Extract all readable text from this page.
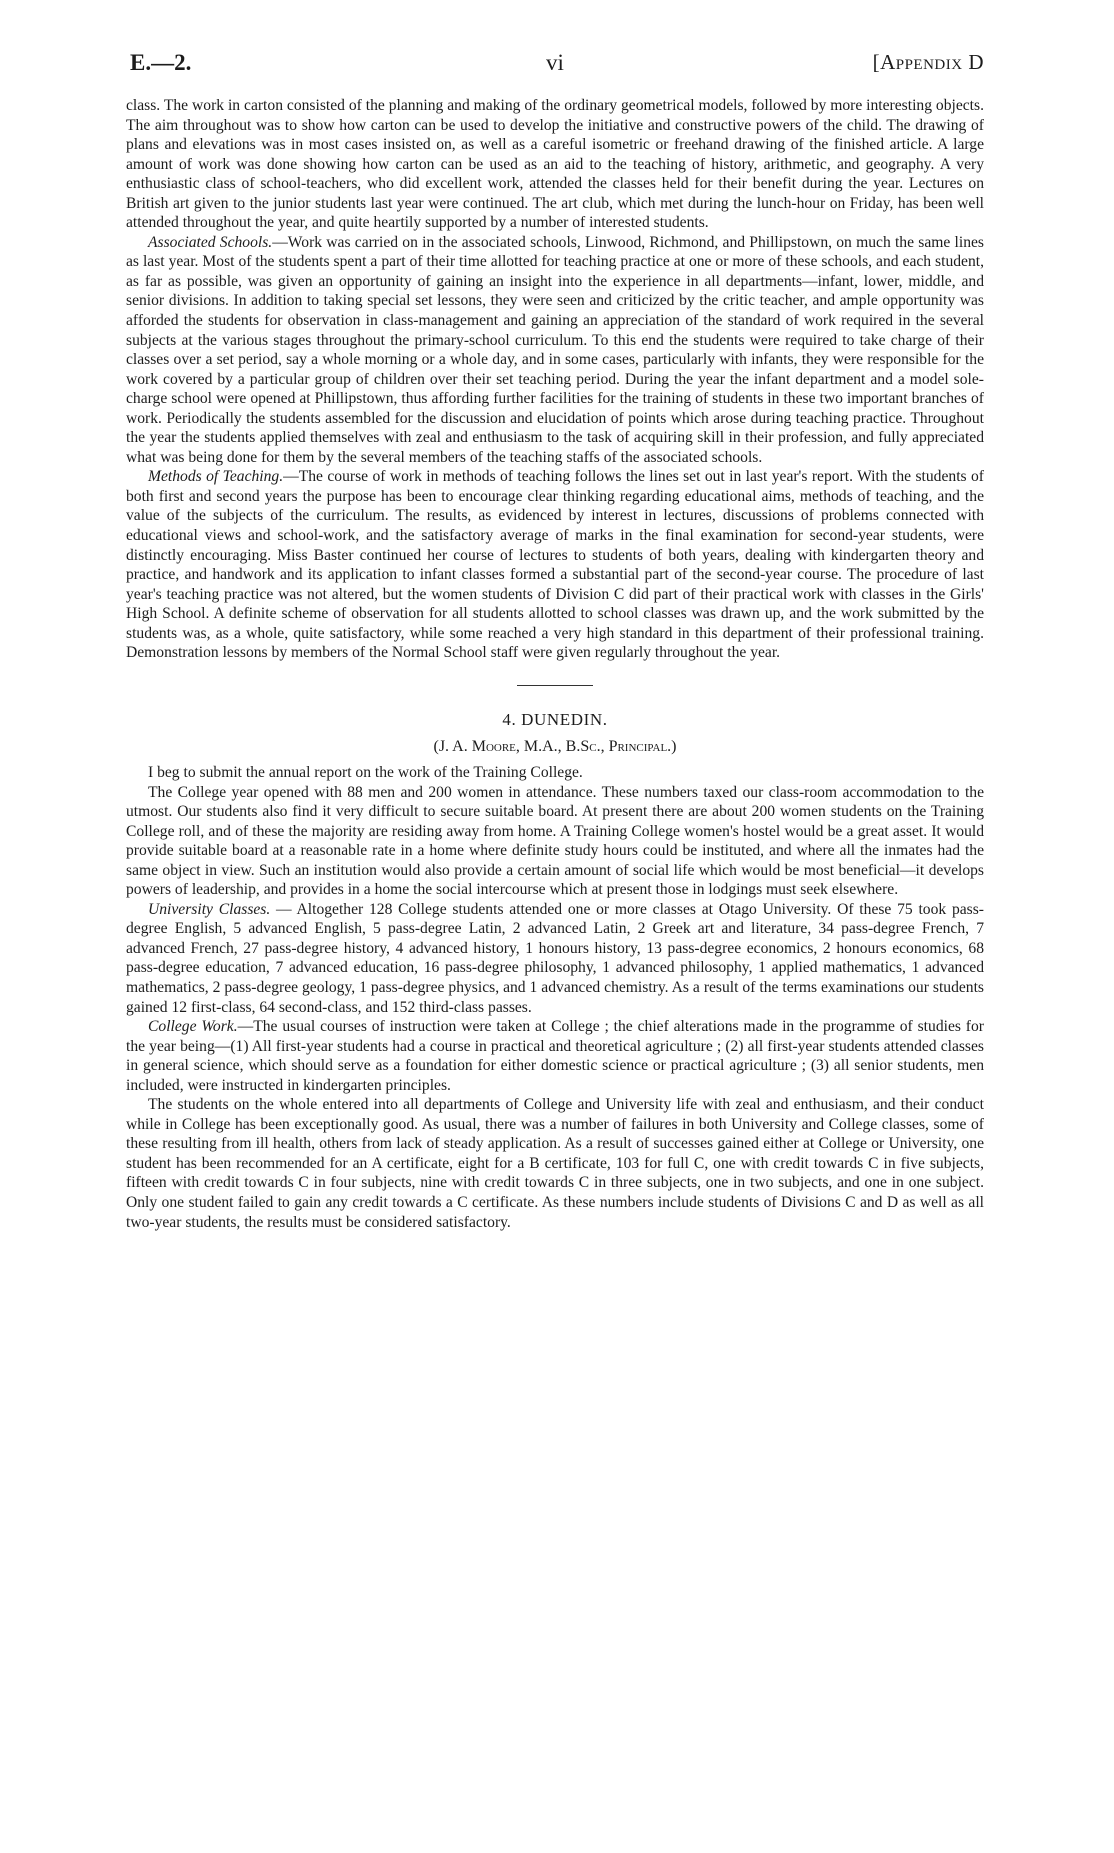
E.—2.	vi	[Appendix D

class. The work in carton consisted of the planning and making of the ordinary geometrical models, followed by more interesting objects. The aim throughout was to show how carton can be used to develop the initiative and constructive powers of the child. The drawing of plans and elevations was in most cases insisted on, as well as a careful isometric or freehand drawing of the finished article. A large amount of work was done showing how carton can be used as an aid to the teaching of history, arithmetic, and geography. A very enthusiastic class of school-teachers, who did excellent work, attended the classes held for their benefit during the year. Lectures on British art given to the junior students last year were continued. The art club, which met during the lunch-hour on Friday, has been well attended throughout the year, and quite heartily supported by a number of interested students.

Associated Schools.—Work was carried on in the associated schools, Linwood, Richmond, and Phillipstown, on much the same lines as last year. Most of the students spent a part of their time allotted for teaching practice at one or more of these schools, and each student, as far as possible, was given an opportunity of gaining an insight into the experience in all departments—infant, lower, middle, and senior divisions. In addition to taking special set lessons, they were seen and criticized by the critic teacher, and ample opportunity was afforded the students for observation in class-management and gaining an appreciation of the standard of work required in the several subjects at the various stages throughout the primary-school curriculum. To this end the students were required to take charge of their classes over a set period, say a whole morning or a whole day, and in some cases, particularly with infants, they were responsible for the work covered by a particular group of children over their set teaching period. During the year the infant department and a model sole-charge school were opened at Phillipstown, thus affording further facilities for the training of students in these two important branches of work. Periodically the students assembled for the discussion and elucidation of points which arose during teaching practice. Throughout the year the students applied themselves with zeal and enthusiasm to the task of acquiring skill in their profession, and fully appreciated what was being done for them by the several members of the teaching staffs of the associated schools.

Methods of Teaching.—The course of work in methods of teaching follows the lines set out in last year's report. With the students of both first and second years the purpose has been to encourage clear thinking regarding educational aims, methods of teaching, and the value of the subjects of the curriculum. The results, as evidenced by interest in lectures, discussions of problems connected with educational views and school-work, and the satisfactory average of marks in the final examination for second-year students, were distinctly encouraging. Miss Baster continued her course of lectures to students of both years, dealing with kindergarten theory and practice, and handwork and its application to infant classes formed a substantial part of the second-year course. The procedure of last year's teaching practice was not altered, but the women students of Division C did part of their practical work with classes in the Girls' High School. A definite scheme of observation for all students allotted to school classes was drawn up, and the work submitted by the students was, as a whole, quite satisfactory, while some reached a very high standard in this department of their professional training. Demonstration lessons by members of the Normal School staff were given regularly throughout the year.

4. DUNEDIN.
(J. A. Moore, M.A., B.Sc., Principal.)

I beg to submit the annual report on the work of the Training College.

The College year opened with 88 men and 200 women in attendance. These numbers taxed our class-room accommodation to the utmost. Our students also find it very difficult to secure suitable board. At present there are about 200 women students on the Training College roll, and of these the majority are residing away from home. A Training College women's hostel would be a great asset. It would provide suitable board at a reasonable rate in a home where definite study hours could be instituted, and where all the inmates had the same object in view. Such an institution would also provide a certain amount of social life which would be most beneficial—it develops powers of leadership, and provides in a home the social intercourse which at present those in lodgings must seek elsewhere.

University Classes. — Altogether 128 College students attended one or more classes at Otago University. Of these 75 took pass-degree English, 5 advanced English, 5 pass-degree Latin, 2 advanced Latin, 2 Greek art and literature, 34 pass-degree French, 7 advanced French, 27 pass-degree history, 4 advanced history, 1 honours history, 13 pass-degree economics, 2 honours economics, 68 pass-degree education, 7 advanced education, 16 pass-degree philosophy, 1 advanced philosophy, 1 applied mathematics, 1 advanced mathematics, 2 pass-degree geology, 1 pass-degree physics, and 1 advanced chemistry. As a result of the terms examinations our students gained 12 first-class, 64 second-class, and 152 third-class passes.

College Work.—The usual courses of instruction were taken at College ; the chief alterations made in the programme of studies for the year being—(1) All first-year students had a course in practical and theoretical agriculture ; (2) all first-year students attended classes in general science, which should serve as a foundation for either domestic science or practical agriculture ; (3) all senior students, men included, were instructed in kindergarten principles.

The students on the whole entered into all departments of College and University life with zeal and enthusiasm, and their conduct while in College has been exceptionally good. As usual, there was a number of failures in both University and College classes, some of these resulting from ill health, others from lack of steady application. As a result of successes gained either at College or University, one student has been recommended for an A certificate, eight for a B certificate, 103 for full C, one with credit towards C in five subjects, fifteen with credit towards C in four subjects, nine with credit towards C in three subjects, one in two subjects, and one in one subject. Only one student failed to gain any credit towards a C certificate. As these numbers include students of Divisions C and D as well as all two-year students, the results must be considered satisfactory.
